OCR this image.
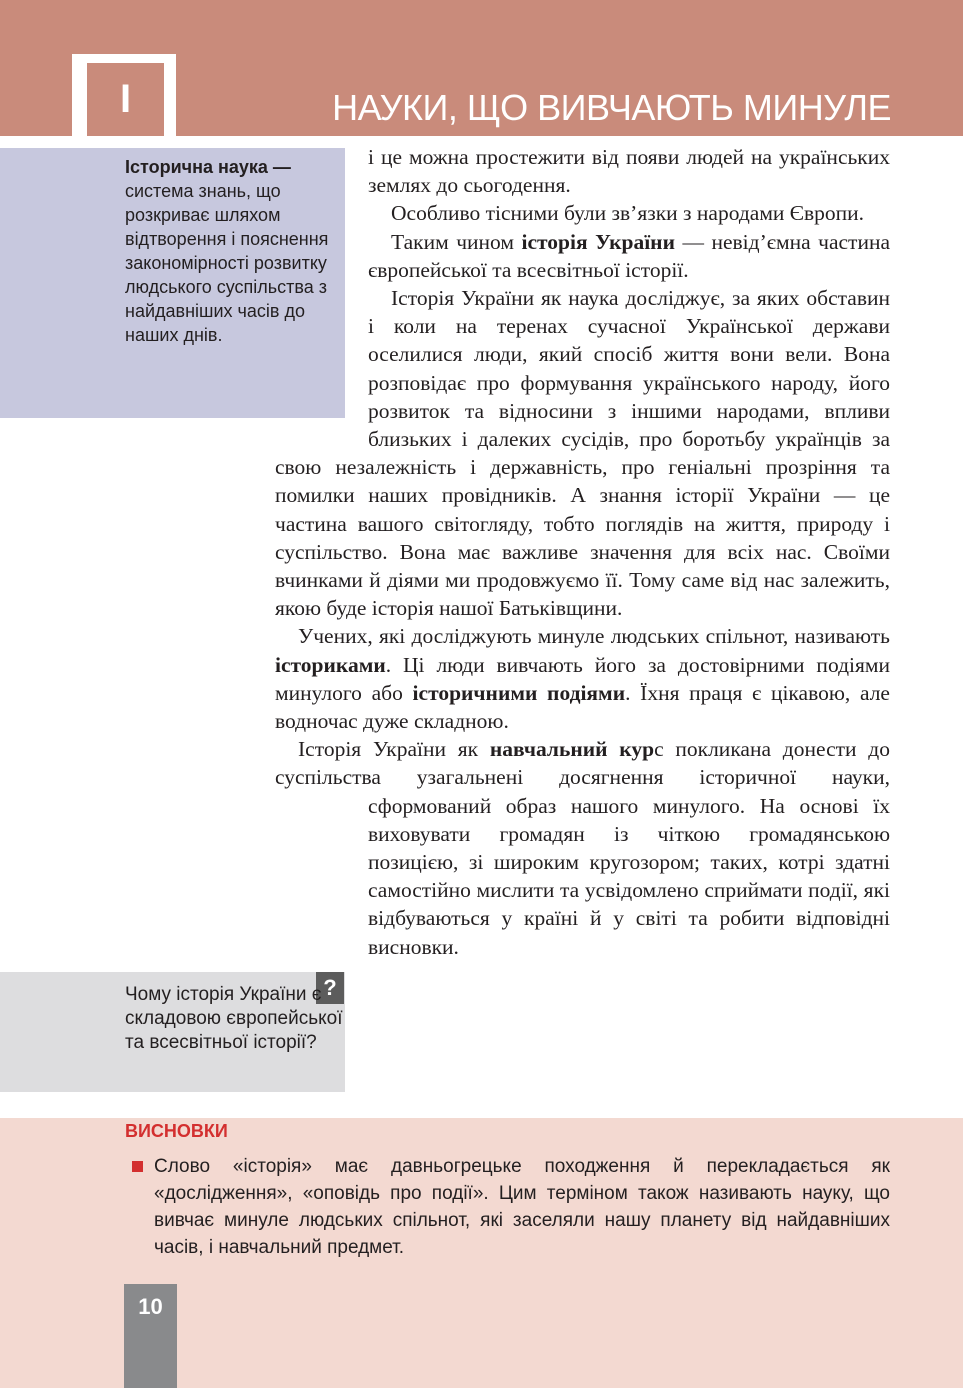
I	НАУКИ, ЩО ВИВЧАЮТЬ МИНУЛЕ
Історична наука — система знань, що розкриває шляхом відтворення і пояснення закономірності розвитку людського суспільства з найдавніших часів до наших днів.

і це можна простежити від появи людей на українських землях до сьогодення.

Особливо тісними були зв’язки з народами Європи.

Таким чином історія України — невід’ємна частина європейської та всесвітньої історії.

Історія України як наука досліджує, за яких обставин і коли на теренах сучасної Української держави оселилися люди, який спосіб життя вони вели. Вона розповідає про формування українського народу, його розвиток та відносини з іншими народами, впливи близьких і далеких сусідів, про боротьбу українців за свою незалежність і державність, про геніальні прозріння та помилки наших провідників. А знання історії України — це частина вашого світогляду, тобто поглядів на життя, природу і суспільство. Вона має важливе значення для всіх нас. Своїми вчинками й діями ми продовжуємо її. Тому саме від нас залежить, якою буде історія нашої Батьківщини.

Учених, які досліджують минуле людських спільнот, називають істориками. Ці люди вивчають його за достовірними подіями минулого або історичними подіями. Їхня праця є цікавою, але водночас дуже складною.

Історія України як навчальний курс покликана донести до суспільства узагальнені досягнення історичної науки, сформований образ нашого минулого.
На основі їх виховувати громадян із чіткою громадянською позицією, зі широким кругозором; таких, котрі здатні самостійно мислити та усвідомлено сприймати події, які відбуваються у країні й у світі та робити відповідні висновки.

?
Чому історія України є складовою європейської та всесвітньої історії?
ВИСНОВКИ
Слово «історія» має давньогрецьке походження й перекладається як «дослідження», «оповідь про події». Цим терміном також називають науку, що вивчає минуле людських спільнот, які заселяли нашу планету від найдавніших часів, і навчальний предмет.
10
